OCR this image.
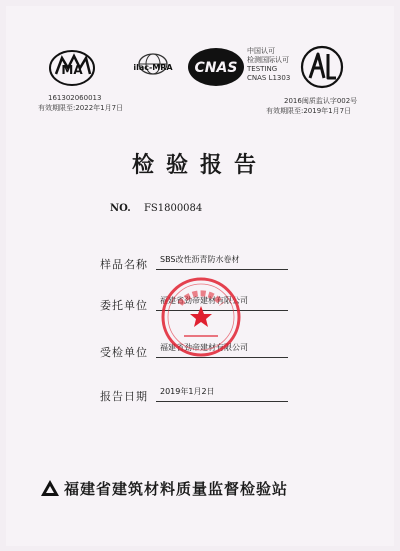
MA	ilac-MRA CNAS
中国认可
检测国际认可
TESTING
CNAS L1303
161302060013
有效期限至:2022年1月7日
2016闽质监认字002号
有效期限至:2019年1月7日
检验报告
NO. FS1800084
样品名称 SBS改性沥青防水卷材
委托单位 福建省劲帝建材有限公司
受检单位 福建省劲帝建材有限公司
报告日期 2019年1月2日
福建省建筑材料质量监督检验站
